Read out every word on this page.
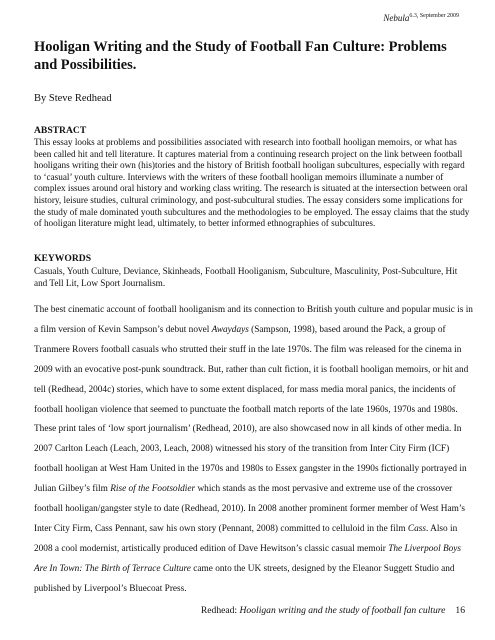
Nebula$^{6.3, September 2009}$
Hooligan Writing and the Study of Football Fan Culture: Problems and Possibilities.

By Steve Redhead

ABSTRACT

This essay looks at problems and possibilities associated with research into football hooligan memoirs, or what has been called hit and tell literature. It captures material from a continuing research project on the link between football hooligans writing their own (his)tories and the history of British football hooligan subcultures, especially with regard to ‘casual’ youth culture. Interviews with the writers of these football hooligan memoirs illuminate a number of complex issues around oral history and working class writing. The research is situated at the intersection between oral history, leisure studies, cultural criminology, and post-subcultural studies. The essay considers some implications for the study of male dominated youth subcultures and the methodologies to be employed. The essay claims that the study of hooligan literature might lead, ultimately, to better informed ethnographies of subcultures.

KEYWORDS

Casuals, Youth Culture, Deviance, Skinheads, Football Hooliganism, Subculture, Masculinity, Post-Subculture, Hit and Tell Lit, Low Sport Journalism.

The best cinematic account of football hooliganism and its connection to British youth culture and popular music is in a film version of Kevin Sampson’s debut novel Awaydays (Sampson, 1998), based around the Pack, a group of Tranmere Rovers football casuals who strutted their stuff in the late 1970s. The film was released for the cinema in 2009 with an evocative post-punk soundtrack. But, rather than cult fiction, it is football hooligan memoirs, or hit and tell (Redhead, 2004c) stories, which have to some extent displaced, for mass media moral panics, the incidents of football hooligan violence that seemed to punctuate the football match reports of the late 1960s, 1970s and 1980s. These print tales of ‘low sport journalism’ (Redhead, 2010), are also showcased now in all kinds of other media. In 2007 Carlton Leach (Leach, 2003, Leach, 2008) witnessed his story of the transition from Inter City Firm (ICF) football hooligan at West Ham United in the 1970s and 1980s to Essex gangster in the 1990s fictionally portrayed in Julian Gilbey’s film Rise of the Footsoldier which stands as the most pervasive and extreme use of the crossover football hooligan/gangster style to date (Redhead, 2010). In 2008 another prominent former member of West Ham’s Inter City Firm, Cass Pennant, saw his own story (Pennant, 2008) committed to celluloid in the film Cass. Also in 2008 a cool modernist, artistically produced edition of Dave Hewitson’s classic casual memoir The Liverpool Boys Are In Town: The Birth of Terrace Culture came onto the UK streets, designed by the Eleanor Suggett Studio and published by Liverpool’s Bluecoat Press.

Redhead: Hooligan writing and the study of football fan culture 16
